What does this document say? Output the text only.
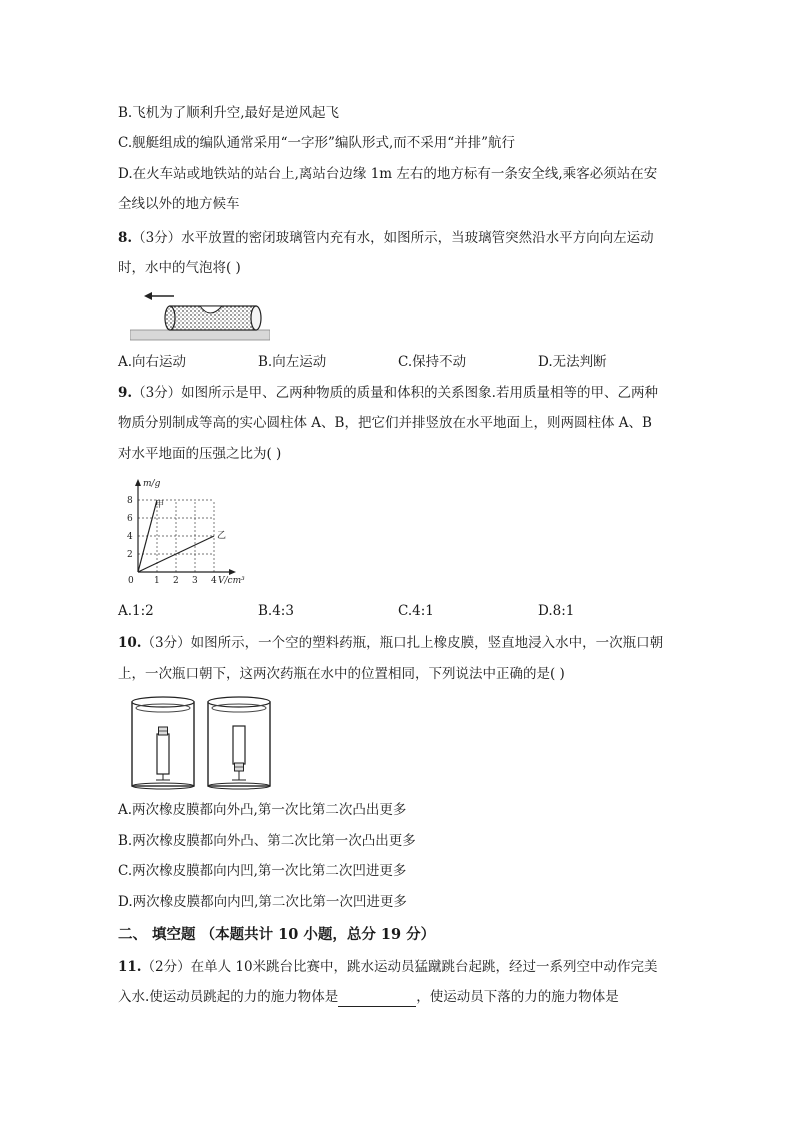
B.飞机为了顺利升空,最好是逆风起飞
C.舰艇组成的编队通常采用“一字形”编队形式,而不采用“并排”航行
D.在火车站或地铁站的站台上,离站台边缘 1m 左右的地方标有一条安全线,乘客必须站在安
全线以外的地方候车
8.（3分）水平放置的密闭玻璃管内充有水，如图所示，当玻璃管突然沿水平方向向左运动
时，水中的气泡将( )
A.向右运动	B.向左运动	C.保持不动	D.无法判断
9.（3分）如图所示是甲、乙两种物质的质量和体积的关系图象.若用质量相等的甲、乙两种
物质分别制成等高的实心圆柱体 A、B，把它们并排竖放在水平地面上，则两圆柱体 A、B
对水平地面的压强之比为( )
0 1 2 3 4
2
4
6
8
m/g
V/cm³
甲
乙
A.1:2	B.4:3	C.4:1	D.8:1
10.（3分）如图所示，一个空的塑料药瓶，瓶口扎上橡皮膜，竖直地浸入水中，一次瓶口朝
上，一次瓶口朝下，这两次药瓶在水中的位置相同，下列说法中正确的是( )
A.两次橡皮膜都向外凸,第一次比第二次凸出更多
B.两次橡皮膜都向外凸、第二次比第一次凸出更多
C.两次橡皮膜都向内凹,第一次比第二次凹进更多
D.两次橡皮膜都向内凹,第二次比第一次凹进更多
二、 填空题 （本题共计 10 小题，总分 19 分）
11.（2分）在单人 10米跳台比赛中，跳水运动员猛蹴跳台起跳，经过一系列空中动作完美
入水.使运动员跳起的力的施力物体是	，使运动员下落的力的施力物体是
